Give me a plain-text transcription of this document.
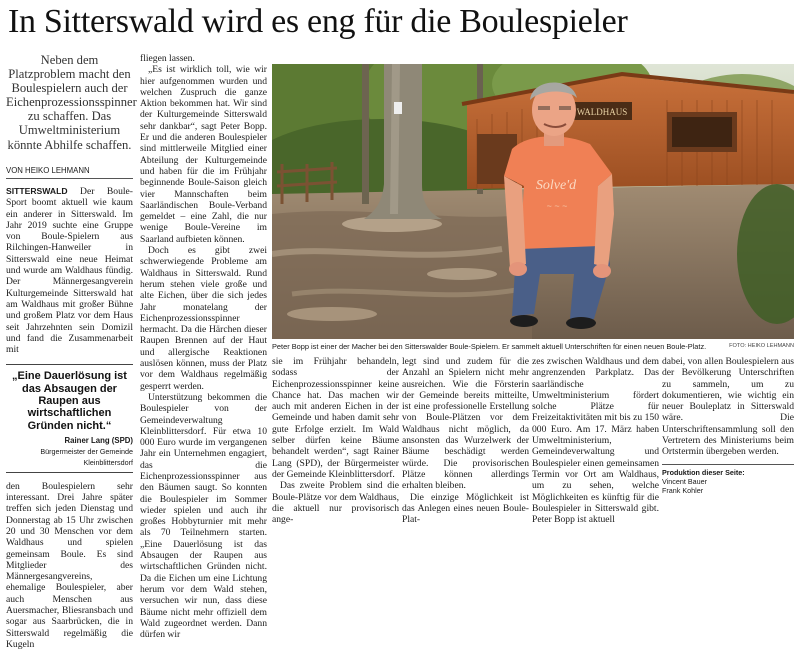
In Sitterswald wird es eng für die Boulespieler

Neben dem Platzproblem macht den Boulespielern auch der Eichenprozessionsspinner zu schaffen. Das Umweltministerium könnte Abhilfe schaffen.

VON HEIKO LEHMANN

SITTERSWALD Der Boule-Sport boomt aktuell wie kaum ein anderer in Sitterswald. Im Jahr 2019 suchte eine Gruppe von Boule-Spielern aus Rilchingen-Hanweiler in Sitterswald eine neue Heimat und wurde am Waldhaus fündig. Der Männergesangverein Kulturgemeinde Sitterswald hat am Waldhaus mit großer Bühne und großem Platz vor dem Haus seit Jahrzehnten sein Domizil und fand die Zusammenarbeit mit

„Eine Dauerlösung ist das Absaugen der Raupen aus wirtschaftlichen Gründen nicht.“

Rainer Lang (SPD)
Bürgermeister der Gemeinde Kleinblittersdorf

den Boulespielern sehr interessant. Drei Jahre später treffen sich jeden Dienstag und Donnerstag ab 15 Uhr zwischen 20 und 30 Menschen vor dem Waldhaus und spielen gemeinsam Boule. Es sind Mitglieder des Männergesangvereins, ehemalige Boulespieler, aber auch Menschen aus Auersmacher, Bliesransbach und sogar aus Saarbrücken, die in Sitterswald regelmäßig die Kugeln

fliegen lassen.

„Es ist wirklich toll, wie wir hier aufgenommen wurden und welchen Zuspruch die ganze Aktion bekommen hat. Wir sind der Kulturgemeinde Sitterswald sehr dankbar“, sagt Peter Bopp. Er und die anderen Boulespieler sind mittlerweile Mitglied einer Abteilung der Kulturgemeinde und haben für die im Frühjahr beginnende Boule-Saison gleich vier Mannschaften beim Saarländischen Boule-Verband gemeldet – eine Zahl, die nur wenige Boule-Vereine im Saarland aufbieten können.

Doch es gibt zwei schwerwiegende Probleme am Waldhaus in Sitterswald. Rund herum stehen viele große und alte Eichen, über die sich jedes Jahr monatelang der Eichenprozessionsspinner hermacht. Da die Härchen dieser Raupen Brennen auf der Haut und allergische Reaktionen auslösen können, muss der Platz vor dem Waldhaus regelmäßig gesperrt werden.

Unterstützung bekommen die Boulespieler von der Gemeindeverwaltung Kleinblittersdorf. Für etwa 10 000 Euro wurde im vergangenen Jahr ein Unternehmen engagiert, das die Eichenprozessionsspinner aus den Bäumen saugt. So konnten die Boulespieler im Sommer wieder spielen und auch ihr großes Hobbyturnier mit mehr als 70 Teilnehmern starten. „Eine Dauerlösung ist das Absaugen der Raupen aus wirtschaftlichen Gründen nicht. Da die Eichen um eine Lichtung herum vor dem Wald stehen, versuchen wir nun, dass diese Bäume nicht mehr offiziell dem Wald zugeordnet werden. Dann dürfen wir

WALDHAUS
Solve'd
~ ~ ~
Peter Bopp ist einer der Macher bei den Sitterswalder Boule-Spielern. Er sammelt aktuell Unterschriften für einen neuen Boule-Platz.	FOTO: HEIKO LEHMANN

sie im Frühjahr behandeln, sodass der Eichenprozessionsspinner keine Chance hat. Das machen wir auch mit anderen Eichen in der Gemeinde und haben damit sehr gute Erfolge erzielt. Im Wald selber dürfen keine Bäume behandelt werden“, sagt Rainer Lang (SPD), der Bürgermeister der Gemeinde Kleinblittersdorf.

Das zweite Problem sind die Boule-Plätze vor dem Waldhaus, die aktuell nur provisorisch ange-

legt sind und zudem für die Anzahl an Spielern nicht mehr ausreichen. Wie die Försterin der Gemeinde bereits mitteilte, ist eine professionelle Erstellung von Boule-Plätzen vor dem Waldhaus nicht möglich, da ansonsten das Wurzelwerk der Bäume beschädigt werden würde. Die provisorischen Plätze können allerdings erhalten bleiben.

Die einzige Möglichkeit ist das Anlegen eines neuen Boule-Plat-

zes zwischen Waldhaus und dem angrenzenden Parkplatz. Das saarländische Umweltministerium fördert solche Plätze für Freizeitaktivitäten mit bis zu 150 000 Euro. Am 17. März haben Umweltministerium, Gemeindeverwaltung und Boulespieler einen gemeinsamen Termin vor Ort am Waldhaus, um zu sehen, welche Möglichkeiten es künftig für die Boulespieler in Sitterswald gibt. Peter Bopp ist aktuell

dabei, von allen Boulespielern aus der Bevölkerung Unterschriften zu sammeln, um zu dokumentieren, wie wichtig ein neuer Bouleplatz in Sitterswald wäre. Die Unterschriftensammlung soll den Vertretern des Ministeriums beim Ortstermin übergeben werden.

Produktion dieser Seite:
Vincent Bauer
Frank Kohler
